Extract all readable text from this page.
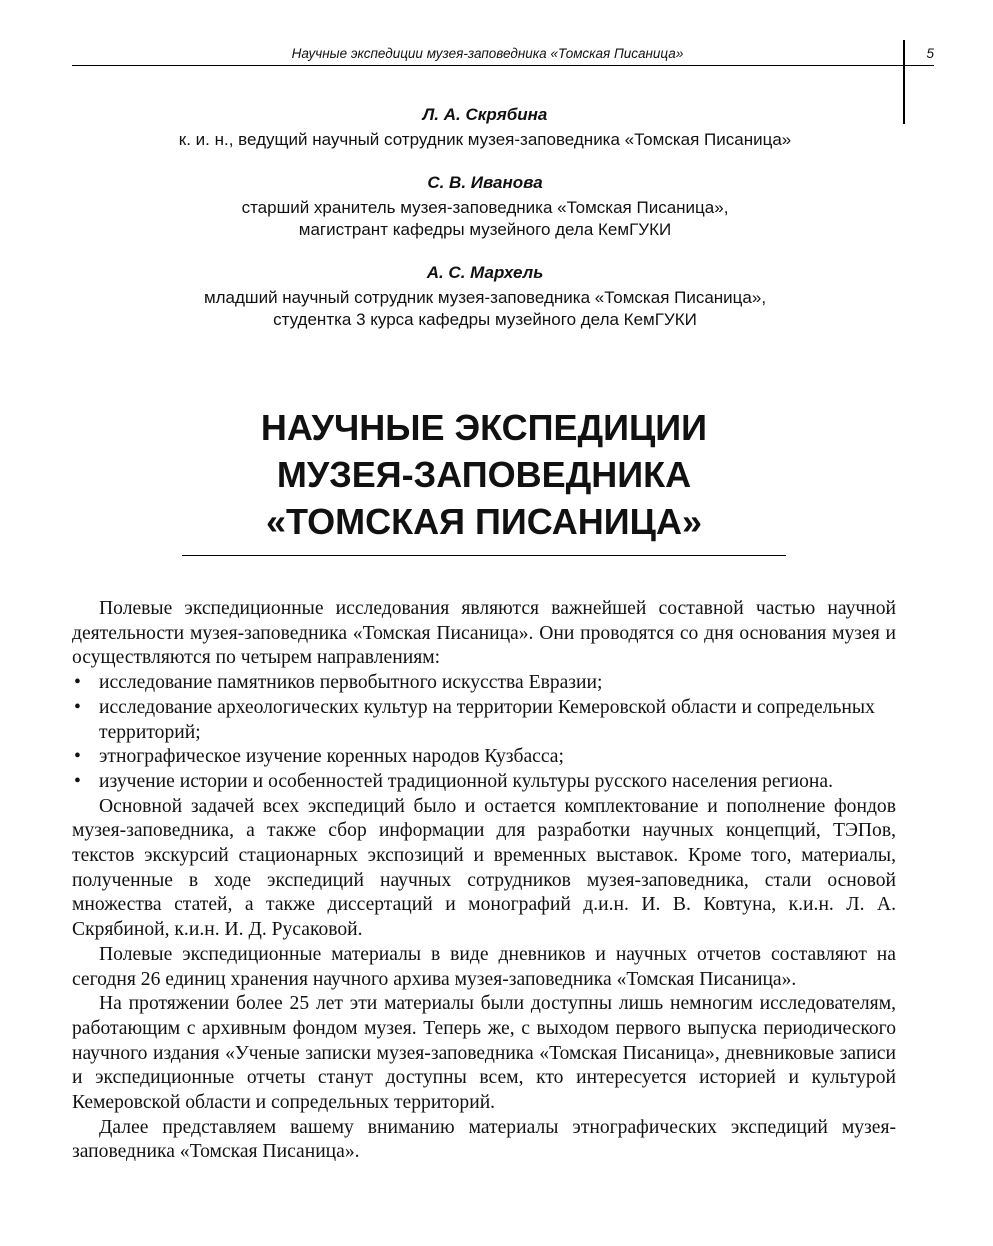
Научные экспедиции музея-заповедника «Томская Писаница»	5
Л. А. Скрябина
к. и. н., ведущий научный сотрудник музея-заповедника «Томская Писаница»
С. В. Иванова
старший хранитель музея-заповедника «Томская Писаница»,
магистрант кафедры музейного дела КемГУКИ
А. С. Мархель
младший научный сотрудник музея-заповедника «Томская Писаница»,
студентка 3 курса кафедры музейного дела КемГУКИ
НАУЧНЫЕ ЭКСПЕДИЦИИ
МУЗЕЯ-ЗАПОВЕДНИКА
«ТОМСКАЯ ПИСАНИЦА»

Полевые экспедиционные исследования являются важнейшей составной частью научной деятельности музея-заповедника «Томская Писаница». Они проводятся со дня основания музея и осуществляются по четырем направлениям:

• исследование памятников первобытного искусства Евразии;
• исследование археологических культур на территории Кемеровской области и сопредельных территорий;
• этнографическое изучение коренных народов Кузбасса;
• изучение истории и особенностей традиционной культуры русского населения региона.

Основной задачей всех экспедиций было и остается комплектование и пополнение фондов музея-заповедника, а также сбор информации для разработки научных концепций, ТЭПов, текстов экскурсий стационарных экспозиций и временных выставок. Кроме того, материалы, полученные в ходе экспедиций научных сотрудников музея-заповедника, стали основой множества статей, а также диссертаций и монографий д.и.н. И. В. Ковтуна, к.и.н. Л. А. Скрябиной, к.и.н. И. Д. Русаковой.

Полевые экспедиционные материалы в виде дневников и научных отчетов составляют на сегодня 26 единиц хранения научного архива музея-заповедника «Томская Писаница».

На протяжении более 25 лет эти материалы были доступны лишь немногим исследователям, работающим с архивным фондом музея. Теперь же, с выходом первого выпуска периодического научного издания «Ученые записки музея-заповедника «Томская Писаница», дневниковые записи и экспедиционные отчеты станут доступны всем, кто интересуется историей и культурой Кемеровской области и сопредельных территорий.

Далее представляем вашему вниманию материалы этнографических экспедиций музея-заповедника «Томская Писаница».
